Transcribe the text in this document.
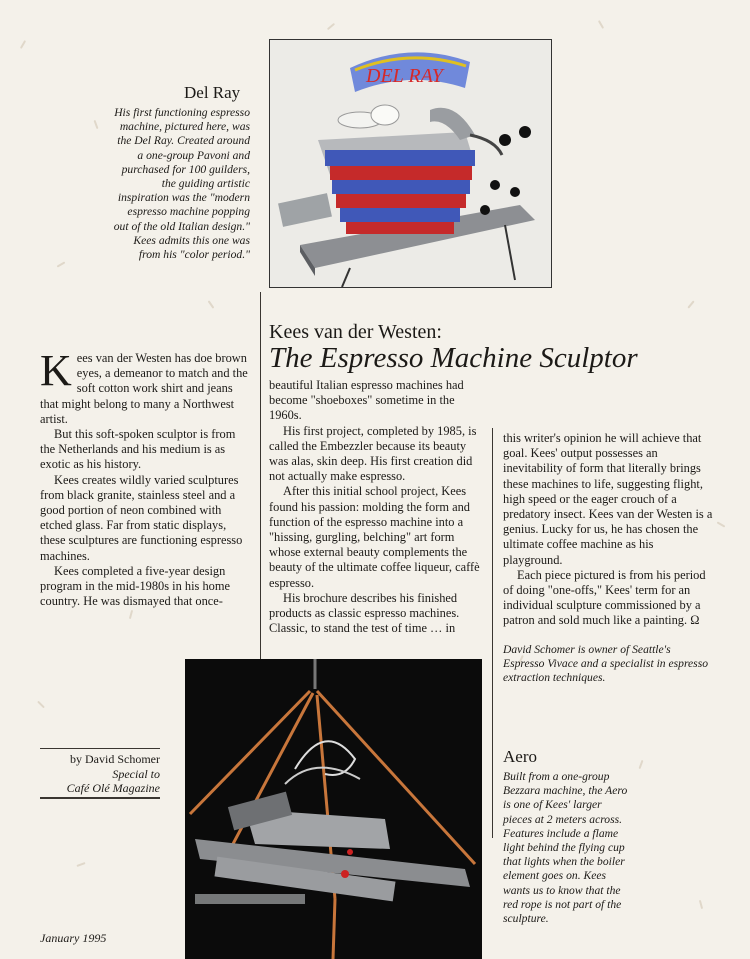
Del Ray
His first functioning espresso machine, pictured here, was the Del Ray. Created around a one-group Pavoni and purchased for 100 guilders, the guiding artistic inspiration was the "modern espresso machine popping out of the old Italian design." Kees admits this one was from his "color period."
DEL RAY
Kees van der Westen:
The Espresso Machine Sculptor

Kees van der Westen has doe brown eyes, a demeanor to match and the soft cotton work shirt and jeans that might belong to many a Northwest artist.

But this soft-spoken sculptor is from the Netherlands and his medium is as exotic as his history.

Kees creates wildly varied sculptures from black granite, stainless steel and a good portion of neon combined with etched glass. Far from static displays, these sculptures are functioning espresso machines.

Kees completed a five-year design program in the mid-1980s in his home country. He was dismayed that once-

beautiful Italian espresso machines had become "shoeboxes" sometime in the 1960s.

His first project, completed by 1985, is called the Embezzler because its beauty was alas, skin deep. His first creation did not actually make espresso.

After this initial school project, Kees found his passion: molding the form and function of the espresso machine into a "hissing, gurgling, belching" art form whose external beauty complements the beauty of the ultimate coffee liqueur, caffè espresso.

His brochure describes his finished products as classic espresso machines. Classic, to stand the test of time … in

this writer's opinion he will achieve that goal. Kees' output possesses an inevitability of form that literally brings these machines to life, suggesting flight, high speed or the eager crouch of a predatory insect. Kees van der Westen is a genius. Lucky for us, he has chosen the ultimate coffee machine as his playground.

Each piece pictured is from his period of doing "one-offs," Kees' term for an individual sculpture commissioned by a patron and sold much like a painting. Ω

David Schomer is owner of Seattle's Espresso Vivace and a specialist in espresso extraction techniques.
by David Schomer
Special to
Café Olé Magazine
Aero
Built from a one-group Bezzara machine, the Aero is one of Kees' larger pieces at 2 meters across. Features include a flame light behind the flying cup that lights when the boiler element goes on. Kees wants us to know that the red rope is not part of the sculpture.
January 1995
